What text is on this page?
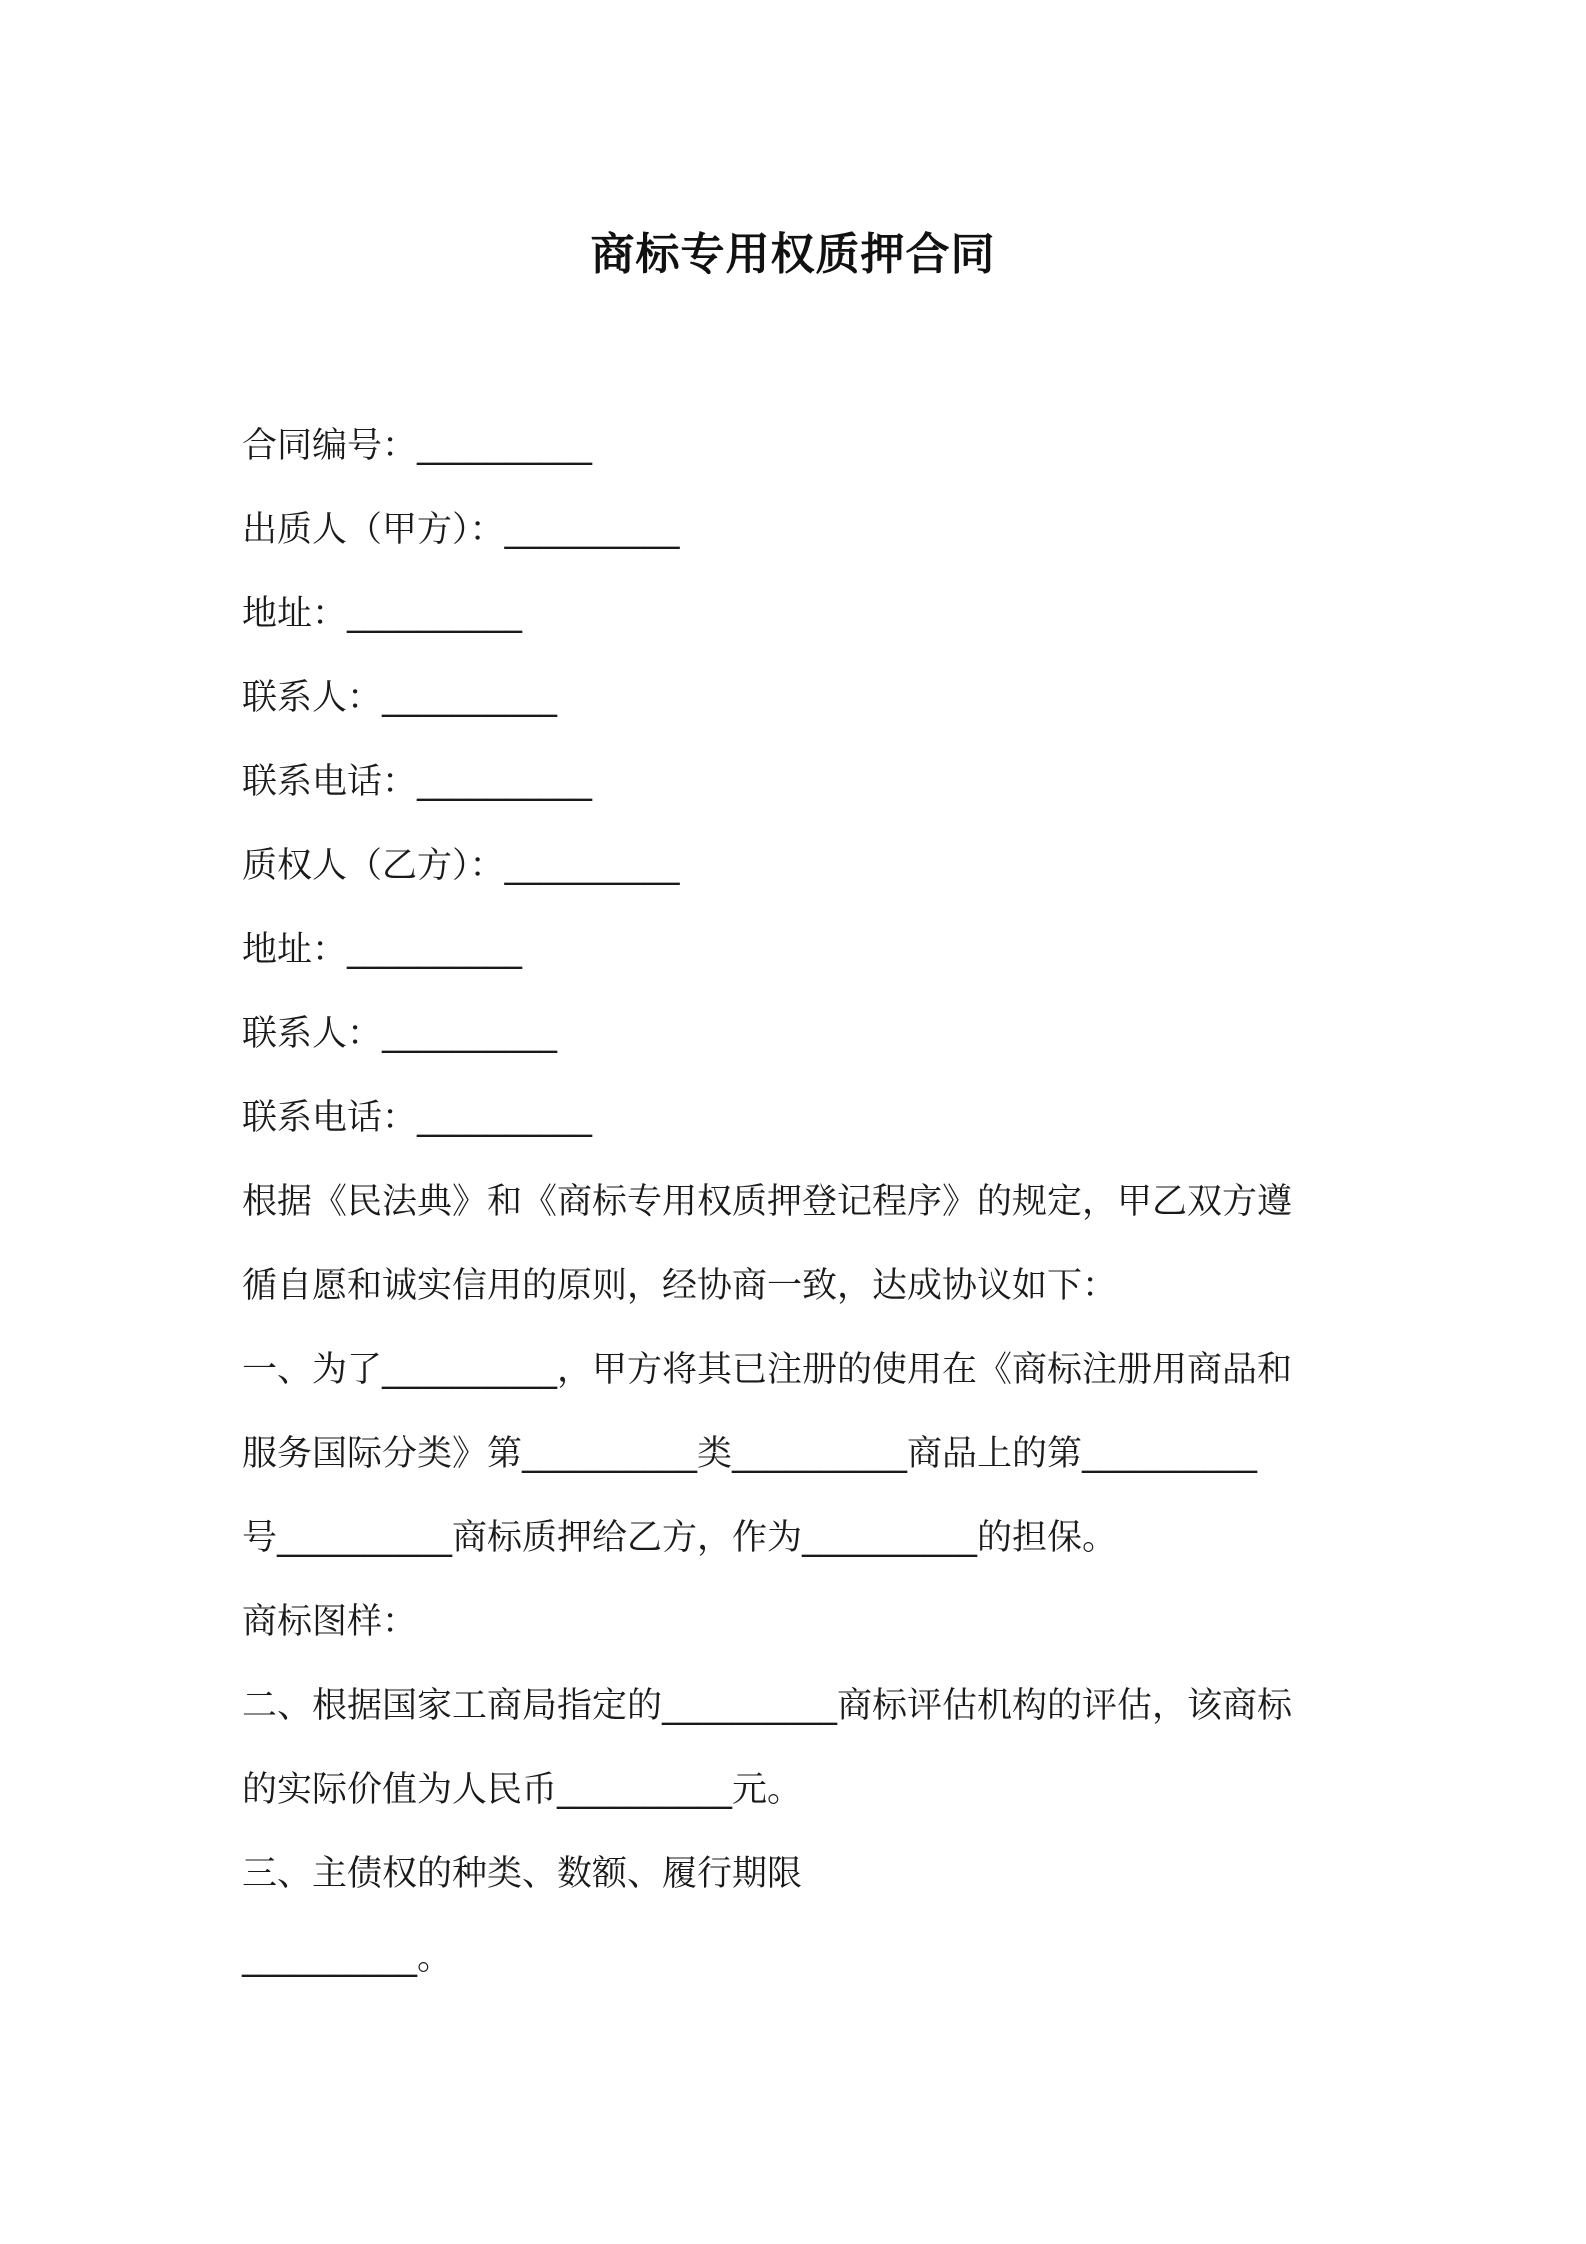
商标专用权质押合同
合同编号：__________
出质人（甲方）：__________
地址：__________
联系人：__________
联系电话：__________
质权人（乙方）：__________
地址：__________
联系人：__________
联系电话：__________
根据《民法典》和《商标专用权质押登记程序》的规定，甲乙双方遵
循自愿和诚实信用的原则，经协商一致，达成协议如下：
一、为了__________，甲方将其已注册的使用在《商标注册用商品和
服务国际分类》第__________类__________商品上的第__________
号__________商标质押给乙方，作为__________的担保。
商标图样：
二、根据国家工商局指定的__________商标评估机构的评估，该商标
的实际价值为人民币__________元。
三、主债权的种类、数额、履行期限
__________。
